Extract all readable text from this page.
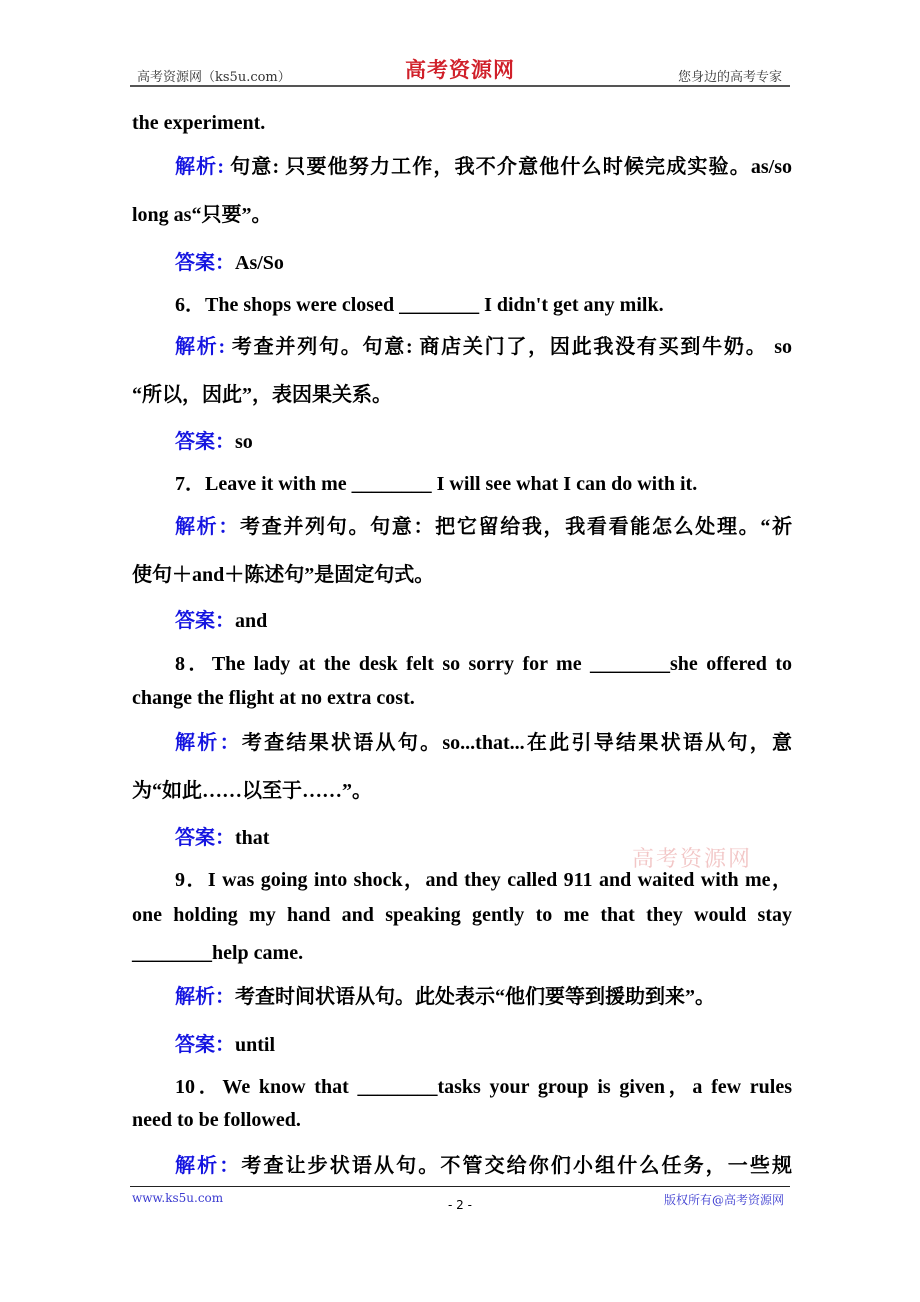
高考资源网（ks5u.com）	高考资源网	您身边的高考专家
高考资源网
the experiment.
解析: 句意: 只要他努力工作，我不介意他什么时候完成实验。as/so
long as“只要”。
答案：As/So
6．The shops were closed ________ I didn't get any milk.
解析: 考查并列句。句意: 商店关门了，因此我没有买到牛奶。 so
“所以，因此”，表因果关系。
答案：so
7．Leave it with me ________ I will see what I can do with it.
解析：考查并列句。句意：把它留给我，我看看能怎么处理。“祈
使句＋and＋陈述句”是固定句式。
答案：and
8．The lady at the desk felt so sorry for me ________she offered to
change the flight at no extra cost.
解析：考查结果状语从句。so...that...在此引导结果状语从句，意
为“如此……以至于……”。
答案：that
9．I was going into shock，and they called 911 and waited with me，
one holding my hand and speaking gently to me that they would stay
________help came.
解析：考查时间状语从句。此处表示“他们要等到援助到来”。
答案：until
10．We know that ________tasks your group is given，a few rules
need to be followed.
解析：考查让步状语从句。不管交给你们小组什么任务，一些规
www.ks5u.com	- 2 -	版权所有@高考资源网
